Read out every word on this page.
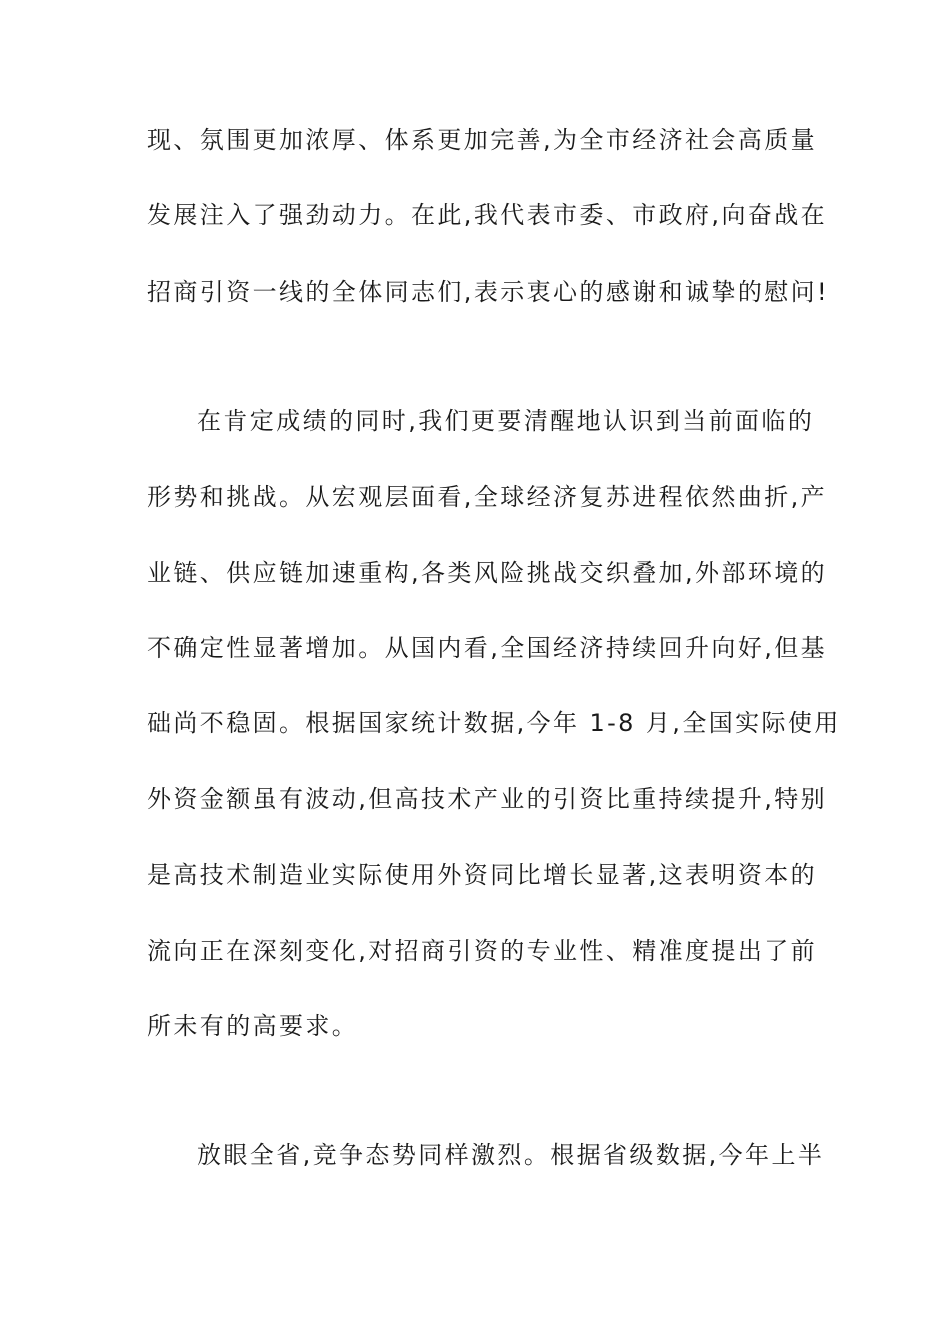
现、氛围更加浓厚、体系更加完善,为全市经济社会高质量
发展注入了强劲动力。在此,我代表市委、市政府,向奋战在
招商引资一线的全体同志们,表示衷心的感谢和诚挚的慰问!
在肯定成绩的同时,我们更要清醒地认识到当前面临的
形势和挑战。从宏观层面看,全球经济复苏进程依然曲折,产
业链、供应链加速重构,各类风险挑战交织叠加,外部环境的
不确定性显著增加。从国内看,全国经济持续回升向好,但基
础尚不稳固。根据国家统计数据,今年 1-8 月,全国实际使用
外资金额虽有波动,但高技术产业的引资比重持续提升,特别
是高技术制造业实际使用外资同比增长显著,这表明资本的
流向正在深刻变化,对招商引资的专业性、精准度提出了前
所未有的高要求。
放眼全省,竞争态势同样激烈。根据省级数据,今年上半
